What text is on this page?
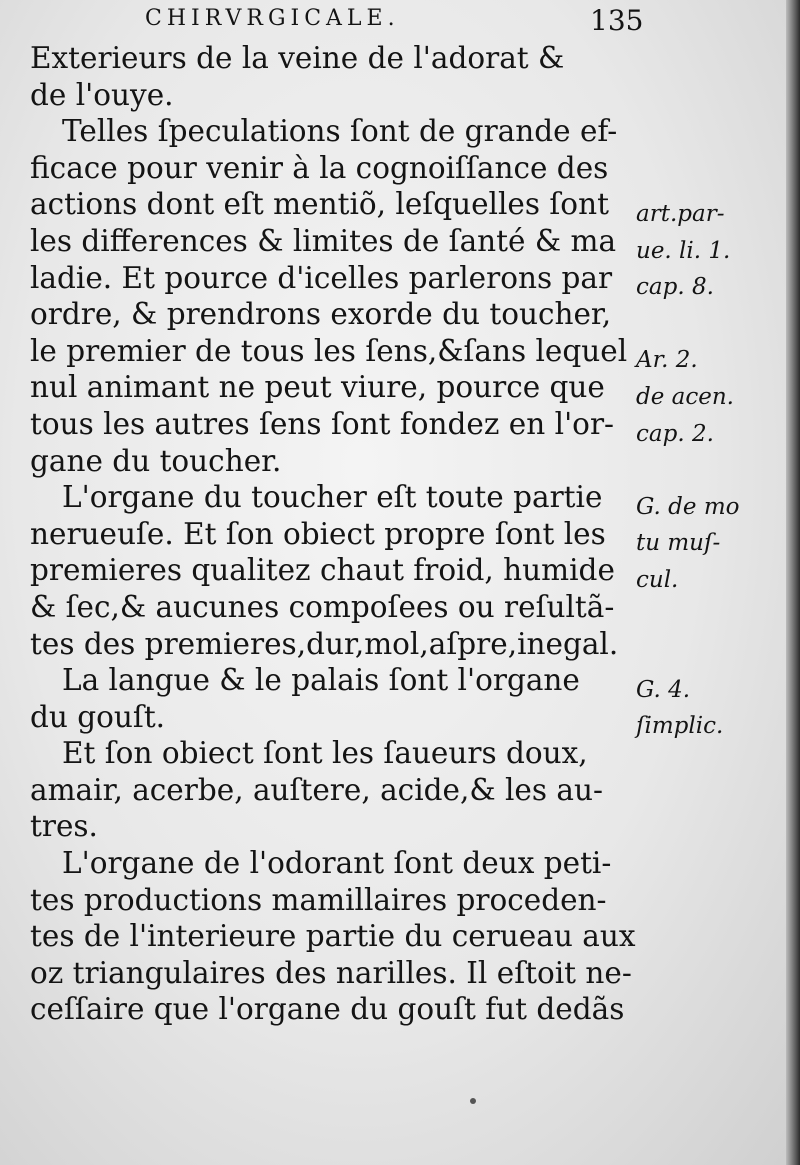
CHIRVRGICALE.	135
Exterieurs de la veine de l'adorat &
de l'ouye.
Telles ſpeculations ſont de grande ef-
ficace pour venir à la cognoiſſance des
actions dont eſt mentiõ, leſquelles ſont
les differences & limites de ſanté & ma
ladie. Et pource d'icelles parlerons par
ordre, & prendrons exorde du toucher,
le premier de tous les ſens,&ſans lequel
nul animant ne peut viure, pource que
tous les autres ſens ſont fondez en l'or-
gane du toucher.
L'organe du toucher eſt toute partie
nerueuſe. Et ſon obiect propre ſont les
premieres qualitez chaut froid, humide
& ſec,& aucunes compoſees ou reſultã-
tes des premieres,dur,mol,aſpre,inegal.
La langue & le palais ſont l'organe
du gouſt.
Et ſon obiect ſont les ſaueurs doux,
amair, acerbe, auſtere, acide,& les au-
tres.
L'organe de l'odorant ſont deux peti-
tes productions mamillaires proceden-
tes de l'interieure partie du cerueau aux
oz triangulaires des narilles. Il eſtoit ne-
ceſſaire que l'organe du gouſt fut dedãs
art.par-
ue. li. 1.
cap. 8.
Ar. 2.
de acen.
cap. 2.
G. de mo
tu muſ-
cul.
G. 4.
ſimplic.
